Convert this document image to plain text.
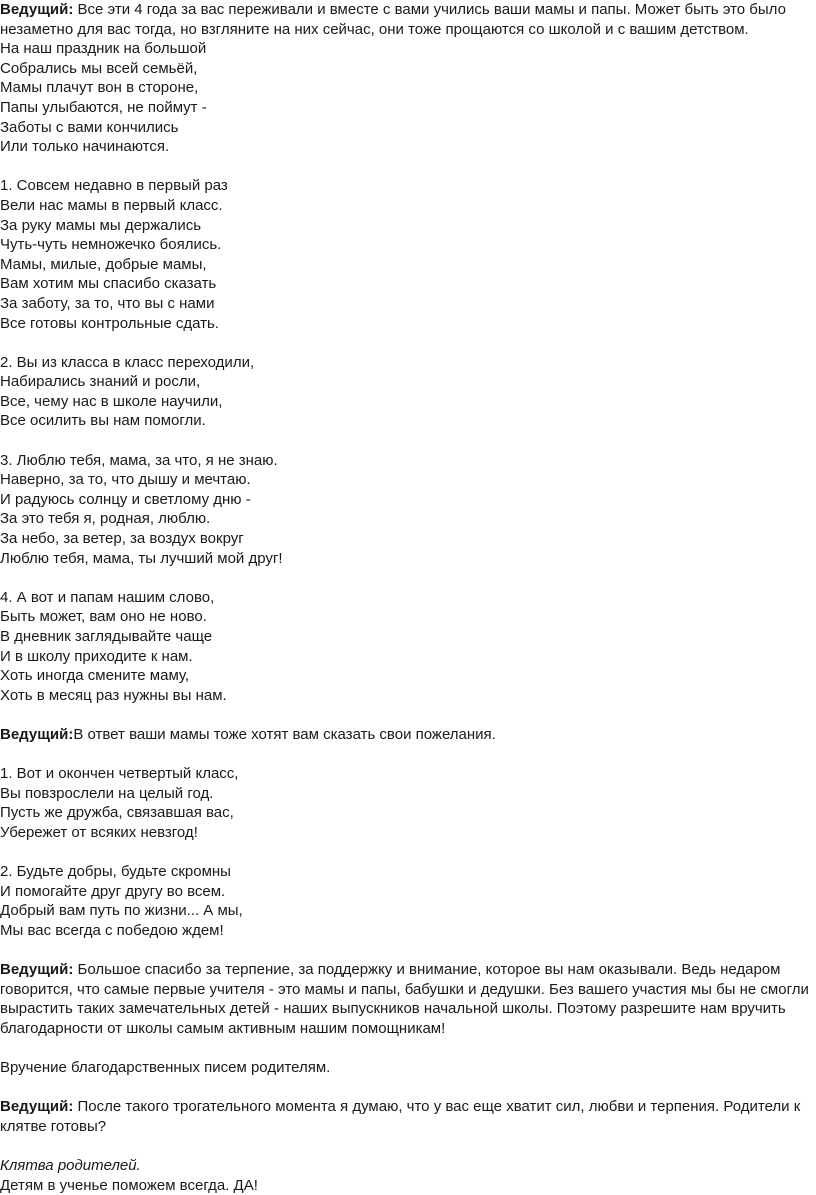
Ведущий: Все эти 4 года за вас переживали и вместе с вами учились ваши мамы и папы. Может быть это было незаметно для вас тогда, но взгляните на них сейчас, они тоже прощаются со школой и с вашим детством.
На наш праздник на большой
Собрались мы всей семьёй,
Мамы плачут вон в стороне,
Папы улыбаются, не поймут -
Заботы с вами кончились
Или только начинаются.
1. Совсем недавно в первый раз
Вели нас мамы в первый класс.
За руку мамы мы держались
Чуть-чуть немножечко боялись.
Мамы, милые, добрые мамы,
Вам хотим мы спасибо сказать
За заботу, за то, что вы с нами
Все готовы контрольные сдать.
2. Вы из класса в класс переходили,
Набирались знаний и росли,
Все, чему нас в школе научили,
Все осилить вы нам помогли.
3. Люблю тебя, мама, за что, я не знаю.
Наверно, за то, что дышу и мечтаю.
И радуюсь солнцу и светлому дню -
За это тебя я, родная, люблю.
За небо, за ветер, за воздух вокруг
Люблю тебя, мама, ты лучший мой друг!
4. А вот и папам нашим слово,
Быть может, вам оно не ново.
В дневник заглядывайте чаще
И в школу приходите к нам.
Хоть иногда смените маму,
Хоть в месяц раз нужны вы нам.
Ведущий:В ответ ваши мамы тоже хотят вам сказать свои пожелания.
1. Вот и окончен четвертый класс,
Вы повзрослели на целый год.
Пусть же дружба, связавшая вас,
Убережет от всяких невзгод!
2. Будьте добры, будьте скромны
И помогайте друг другу во всем.
Добрый вам путь по жизни... А мы,
Мы вас всегда с победою ждем!
Ведущий: Большое спасибо за терпение, за поддержку и внимание, которое вы нам оказывали. Ведь недаром говорится, что самые первые учителя - это мамы и папы, бабушки и дедушки. Без вашего участия мы бы не смогли вырастить таких замечательных детей - наших выпускников начальной школы. Поэтому разрешите нам вручить благодарности от школы самым активным нашим помощникам!
Вручение благодарственных писем родителям.
Ведущий: После такого трогательного момента я думаю, что у вас еще хватит сил, любви и терпения. Родители к клятве готовы?
Клятва родителей.
Детям в ученье поможем всегда. ДА!
